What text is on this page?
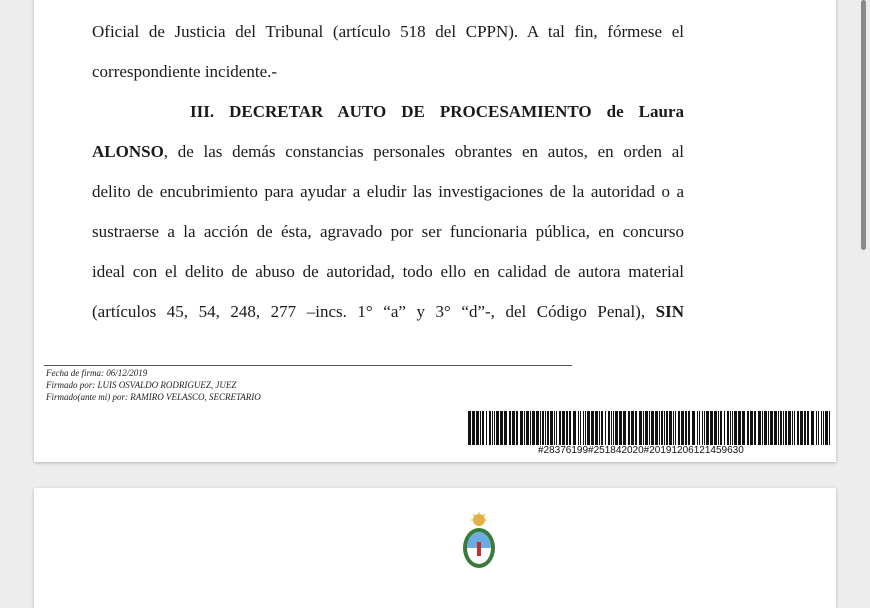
Oficial de Justicia del Tribunal (artículo 518 del CPPN). A tal fin, fórmese el
correspondiente incidente.-
III. DECRETAR AUTO DE PROCESAMIENTO de Laura
ALONSO, de las demás constancias personales obrantes en autos, en orden al
delito de encubrimiento para ayudar a eludir las investigaciones de la autoridad o a
sustraerse a la acción de ésta, agravado por ser funcionaria pública, en concurso
ideal con el delito de abuso de autoridad, todo ello en calidad de autora material
(artículos 45, 54, 248, 277 –incs. 1° “a” y 3° “d”-, del Código Penal), SIN
Fecha de firma: 06/12/2019
Firmado por: LUIS OSVALDO RODRIGUEZ, JUEZ
Firmado(ante mi) por: RAMIRO VELASCO, SECRETARIO
#28376199#251842020#20191206121459630
